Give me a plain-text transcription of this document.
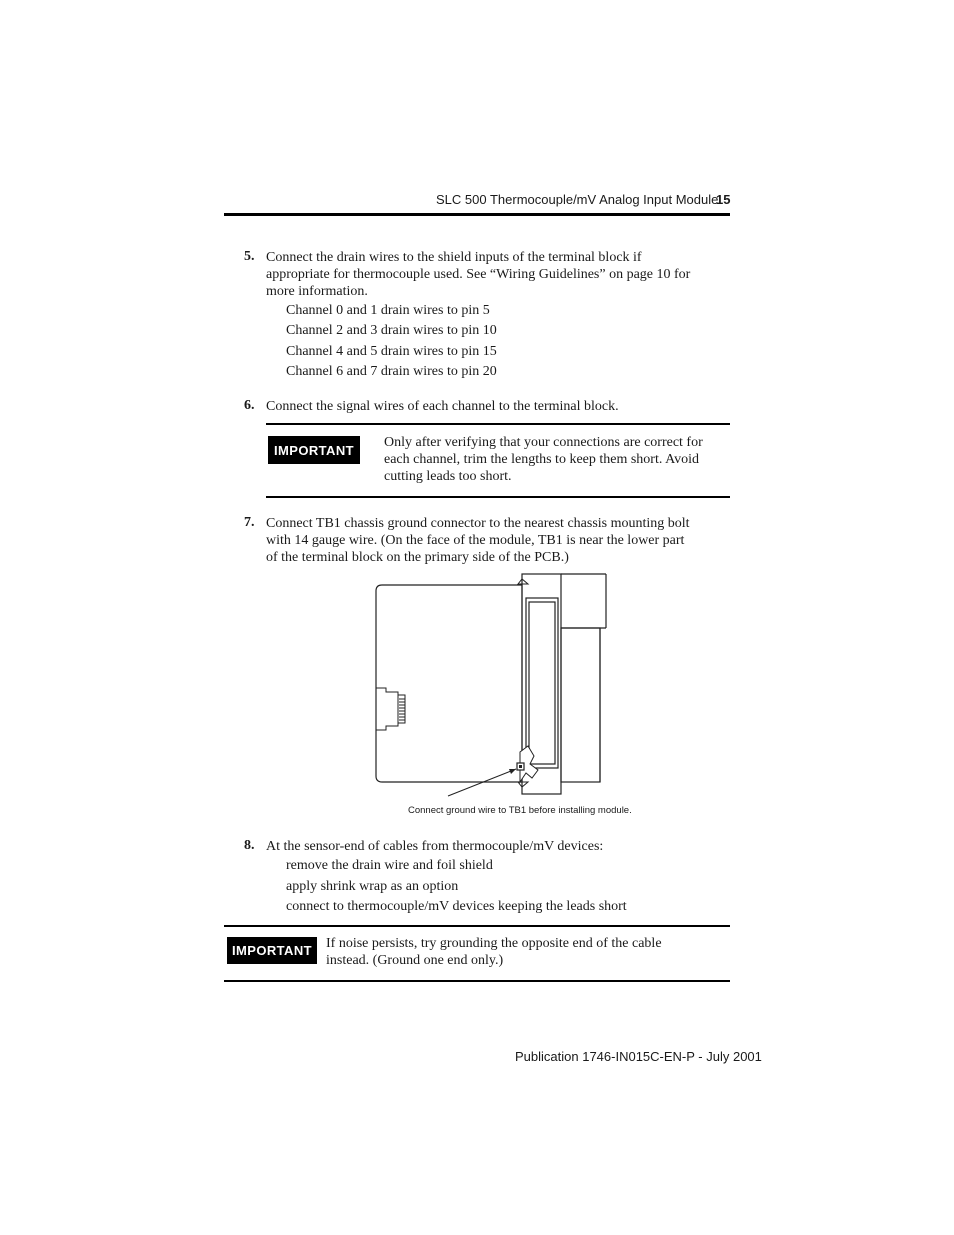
SLC 500 Thermocouple/mV Analog Input Module
15
5. Connect the drain wires to the shield inputs of the terminal block if
appropriate for thermocouple used. See “Wiring Guidelines” on page 10 for
more information.
Channel 0 and 1 drain wires to pin 5
Channel 2 and 3 drain wires to pin 10
Channel 4 and 5 drain wires to pin 15
Channel 6 and 7 drain wires to pin 20
6. Connect the signal wires of each channel to the terminal block.
IMPORTANT	Only after verifying that your connections are correct for
each channel, trim the lengths to keep them short. Avoid
cutting leads too short.
7. Connect TB1 chassis ground connector to the nearest chassis mounting bolt
with 14 gauge wire. (On the face of the module, TB1 is near the lower part
of the terminal block on the primary side of the PCB.)
Connect ground wire to TB1 before installing module.
8. At the sensor-end of cables from thermocouple/mV devices:
remove the drain wire and foil shield
apply shrink wrap as an option
connect to thermocouple/mV devices keeping the leads short
IMPORTANT	If noise persists, try grounding the opposite end of the cable
instead. (Ground one end only.)
Publication 1746-IN015C-EN-P - July 2001
